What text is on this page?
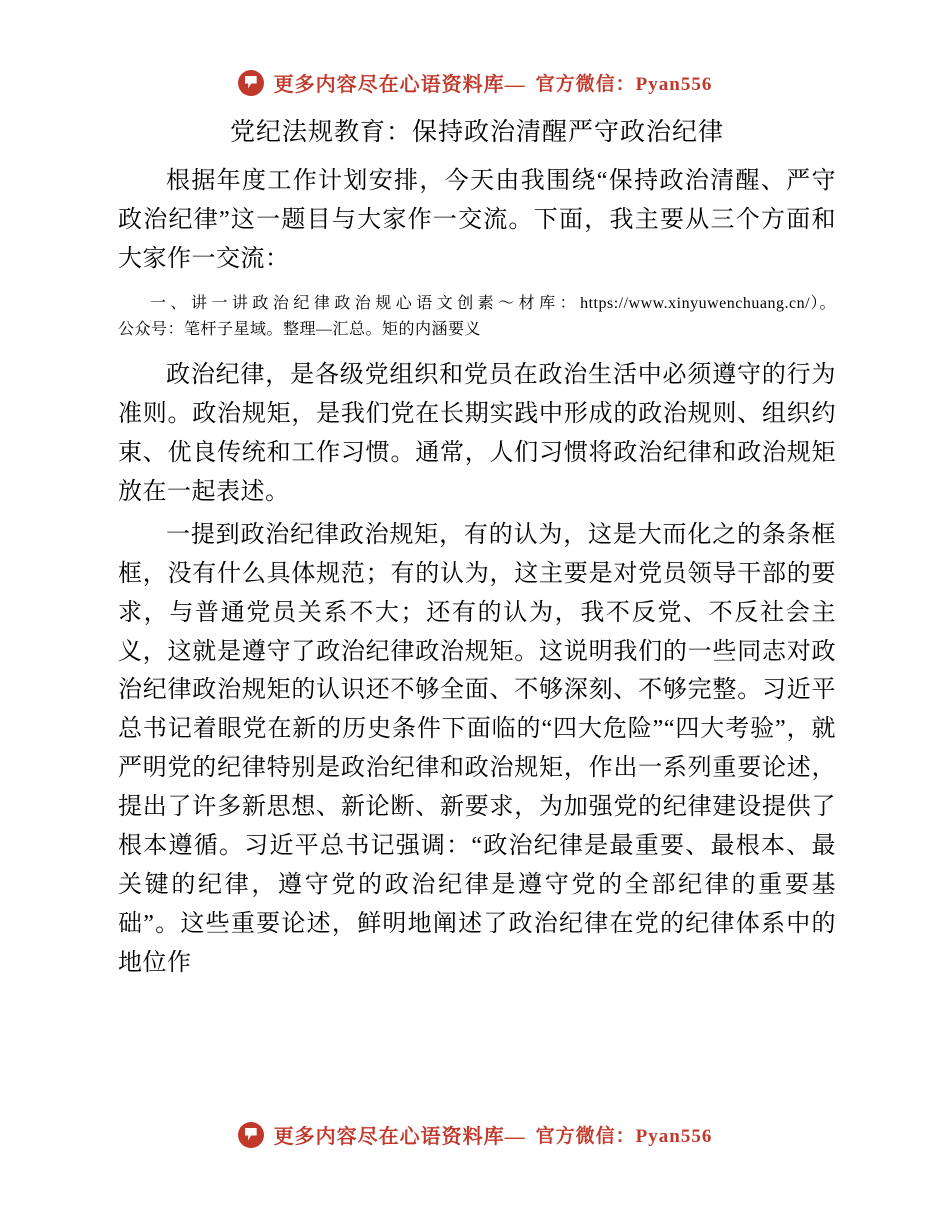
更多内容尽在心语资料库— 官方微信：Pyan556
党纪法规教育：保持政治清醒严守政治纪律

根据年度工作计划安排，今天由我围绕“保持政治清醒、严守政治纪律”这一题目与大家作一交流。下面，我主要从三个方面和大家作一交流：

一、讲一讲政治纪律政治规心语文创素～材库：https://www.xinyuwenchuang.cn/）。公众号：笔杆子星域。整理—汇总。矩的内涵要义

政治纪律，是各级党组织和党员在政治生活中必须遵守的行为准则。政治规矩，是我们党在长期实践中形成的政治规则、组织约束、优良传统和工作习惯。通常，人们习惯将政治纪律和政治规矩放在一起表述。

一提到政治纪律政治规矩，有的认为，这是大而化之的条条框框，没有什么具体规范；有的认为，这主要是对党员领导干部的要求，与普通党员关系不大；还有的认为，我不反党、不反社会主义，这就是遵守了政治纪律政治规矩。这说明我们的一些同志对政治纪律政治规矩的认识还不够全面、不够深刻、不够完整。习近平总书记着眼党在新的历史条件下面临的“四大危险”“四大考验”，就严明党的纪律特别是政治纪律和政治规矩，作出一系列重要论述，提出了许多新思想、新论断、新要求，为加强党的纪律建设提供了根本遵循。习近平总书记强调：“政治纪律是最重要、最根本、最关键的纪律，遵守党的政治纪律是遵守党的全部纪律的重要基础”。这些重要论述，鲜明地阐述了政治纪律在党的纪律体系中的地位作

更多内容尽在心语资料库— 官方微信：Pyan556
